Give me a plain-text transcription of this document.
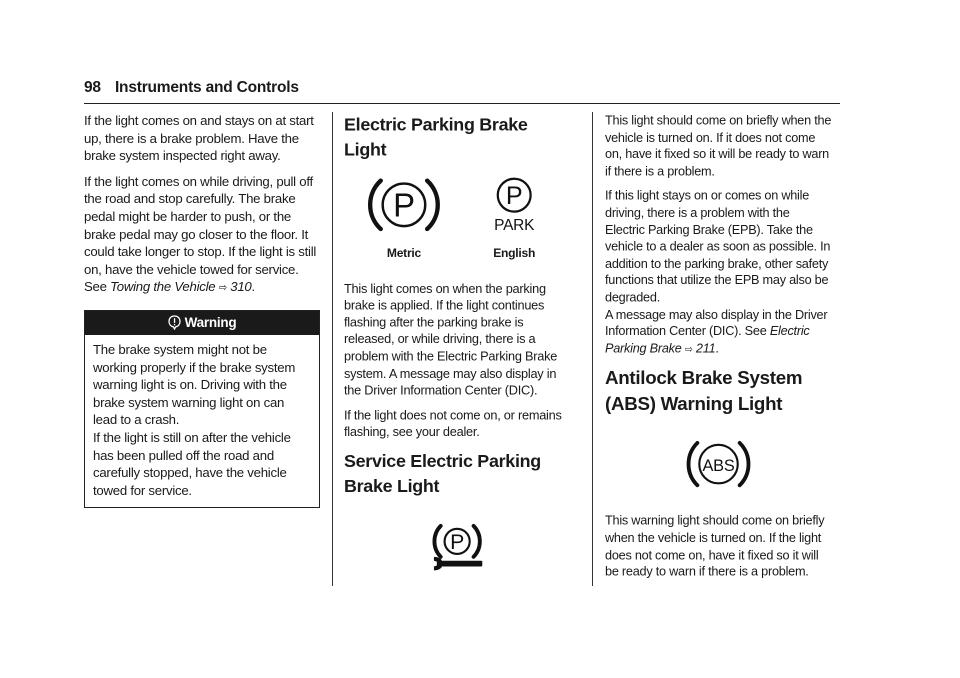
98 Instruments and Controls

If the light comes on and stays on at start up, there is a brake problem. Have the brake system inspected right away.

If the light comes on while driving, pull off the road and stop carefully. The brake pedal might be harder to push, or the brake pedal may go closer to the floor. It could take longer to stop. If the light is still on, have the vehicle towed for service. See Towing the Vehicle ⇨ 310.

Warning

The brake system might not be working properly if the brake system warning light is on. Driving with the brake system warning light on can lead to a crash.

If the light is still on after the vehicle has been pulled off the road and carefully stopped, have the vehicle towed for service.

Electric Parking Brake Light
P
Metric
P
PARK
English

This light comes on when the parking brake is applied. If the light continues flashing after the parking brake is released, or while driving, there is a problem with the Electric Parking Brake system. A message may also display in the Driver Information Center (DIC).

If the light does not come on, or remains flashing, see your dealer.

Service Electric Parking Brake Light
P

This light should come on briefly when the vehicle is turned on. If it does not come on, have it fixed so it will be ready to warn if there is a problem.

If this light stays on or comes on while driving, there is a problem with the Electric Parking Brake (EPB). Take the vehicle to a dealer as soon as possible. In addition to the parking brake, other safety functions that utilize the EPB may also be degraded.

A message may also display in the Driver Information Center (DIC). See Electric Parking Brake ⇨ 211.

Antilock Brake System (ABS) Warning Light
ABS

This warning light should come on briefly when the vehicle is turned on. If the light does not come on, have it fixed so it will be ready to warn if there is a problem.
